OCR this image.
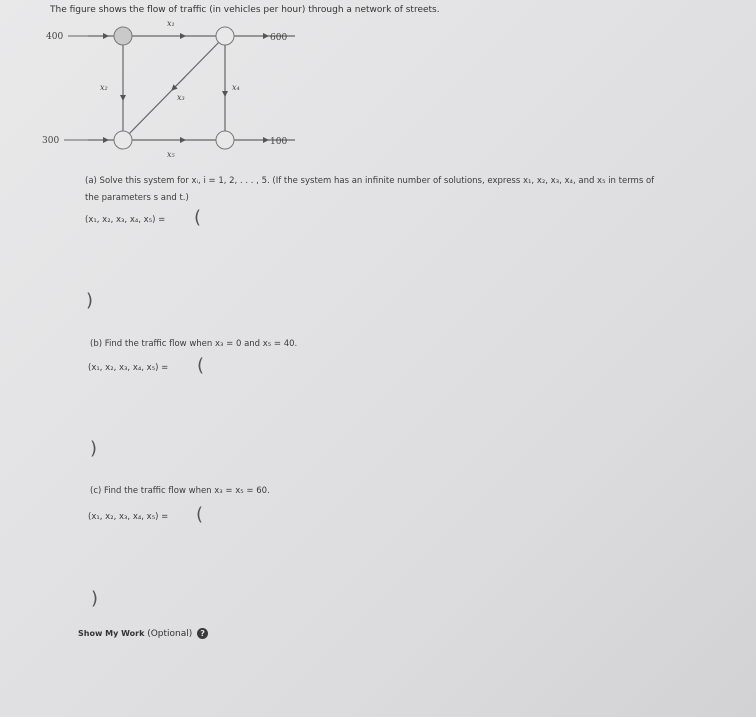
The figure shows the flow of traffic (in vehicles per hour) through a network of streets.
400	600
300	100
x₁
x₂
x₃
x₄
x₅
(a) Solve this system for xᵢ, i = 1, 2, . . . , 5. (If the system has an infinite number of solutions, express x₁, x₂, x₃, x₄, and x₅ in terms of
the parameters s and t.)
(x₁, x₂, x₃, x₄, x₅) = (
)
(b) Find the traffic flow when x₃ = 0 and x₅ = 40.
(x₁, x₂, x₃, x₄, x₅) = (
)
(c) Find the traffic flow when x₃ = x₅ = 60.
(x₁, x₂, x₃, x₄, x₅) = (
)
Show My Work (Optional) ?
